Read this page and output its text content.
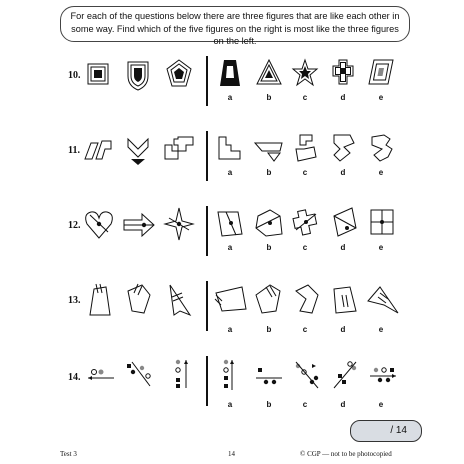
For each of the questions below there are three figures that are like each other in some way. Find which of the five figures on the right is most like the three figures on the left.
10.
a	b	c	d	e
11.
a	b	c	d	e
12.
a	b	c	d	e
13.
a	b	c	d	e
14.
a	b	c	d	e
/ 14
Test 3	14	© CGP — not to be photocopied
